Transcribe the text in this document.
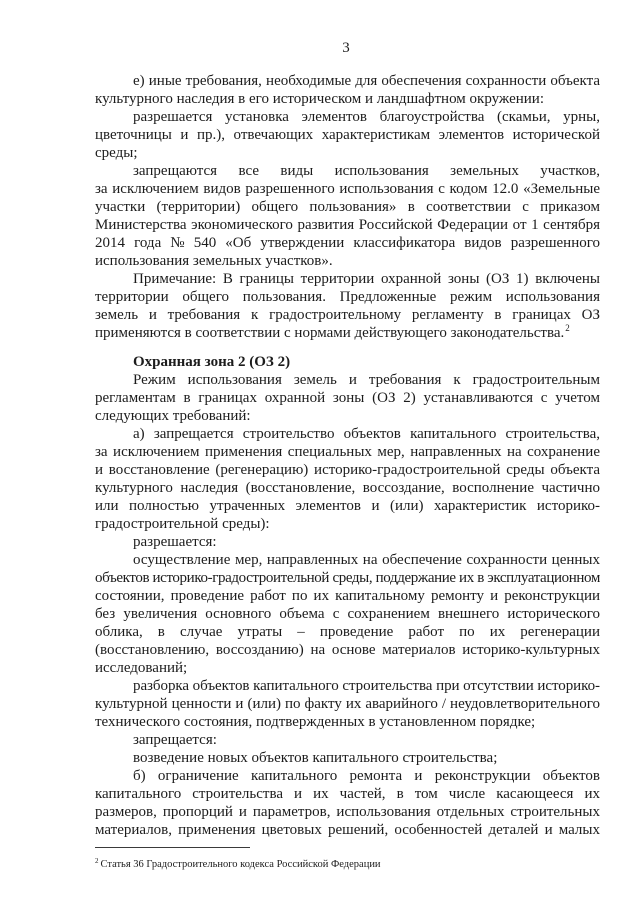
3
е) иные требования, необходимые для обеспечения сохранности объекта
культурного наследия в его историческом и ландшафтном окружении:
разрешается установка элементов благоустройства (скамьи, урны,
цветочницы и пр.), отвечающих характеристикам элементов исторической
среды;
запрещаются все виды использования земельных участков,
за исключением видов разрешенного использования с кодом 12.0 «Земельные
участки (территории) общего пользования» в соответствии с приказом
Министерства экономического развития Российской Федерации от 1 сентября
2014 года № 540 «Об утверждении классификатора видов разрешенного
использования земельных участков».
Примечание: В границы территории охранной зоны (ОЗ 1) включены
территории общего пользования. Предложенные режим использования
земель и требования к градостроительному регламенту в границах ОЗ
применяются в соответствии с нормами действующего законодательства.$^2$
Охранная зона 2 (ОЗ 2)
Режим использования земель и требования к градостроительным
регламентам в границах охранной зоны (ОЗ 2) устанавливаются с учетом
следующих требований:
а) запрещается строительство объектов капитального строительства,
за исключением применения специальных мер, направленных на сохранение
и восстановление (регенерацию) историко-градостроительной среды объекта
культурного наследия (восстановление, воссоздание, восполнение частично
или полностью утраченных элементов и (или) характеристик историко-
градостроительной среды):
разрешается:
осуществление мер, направленных на обеспечение сохранности ценных
объектов историко-градостроительной среды, поддержание их в эксплуатационном
состоянии, проведение работ по их капитальному ремонту и реконструкции
без увеличения основного объема с сохранением внешнего исторического
облика, в случае утраты – проведение работ по их регенерации
(восстановлению, воссозданию) на основе материалов историко-культурных
исследований;
разборка объектов капитального строительства при отсутствии историко-
культурной ценности и (или) по факту их аварийного / неудовлетворительного
технического состояния, подтвержденных в установленном порядке;
запрещается:
возведение новых объектов капитального строительства;
б) ограничение капитального ремонта и реконструкции объектов
капитального строительства и их частей, в том числе касающееся их
размеров, пропорций и параметров, использования отдельных строительных
материалов, применения цветовых решений, особенностей деталей и малых
$^2$ Статья 36 Градостроительного кодекса Российской Федерации
